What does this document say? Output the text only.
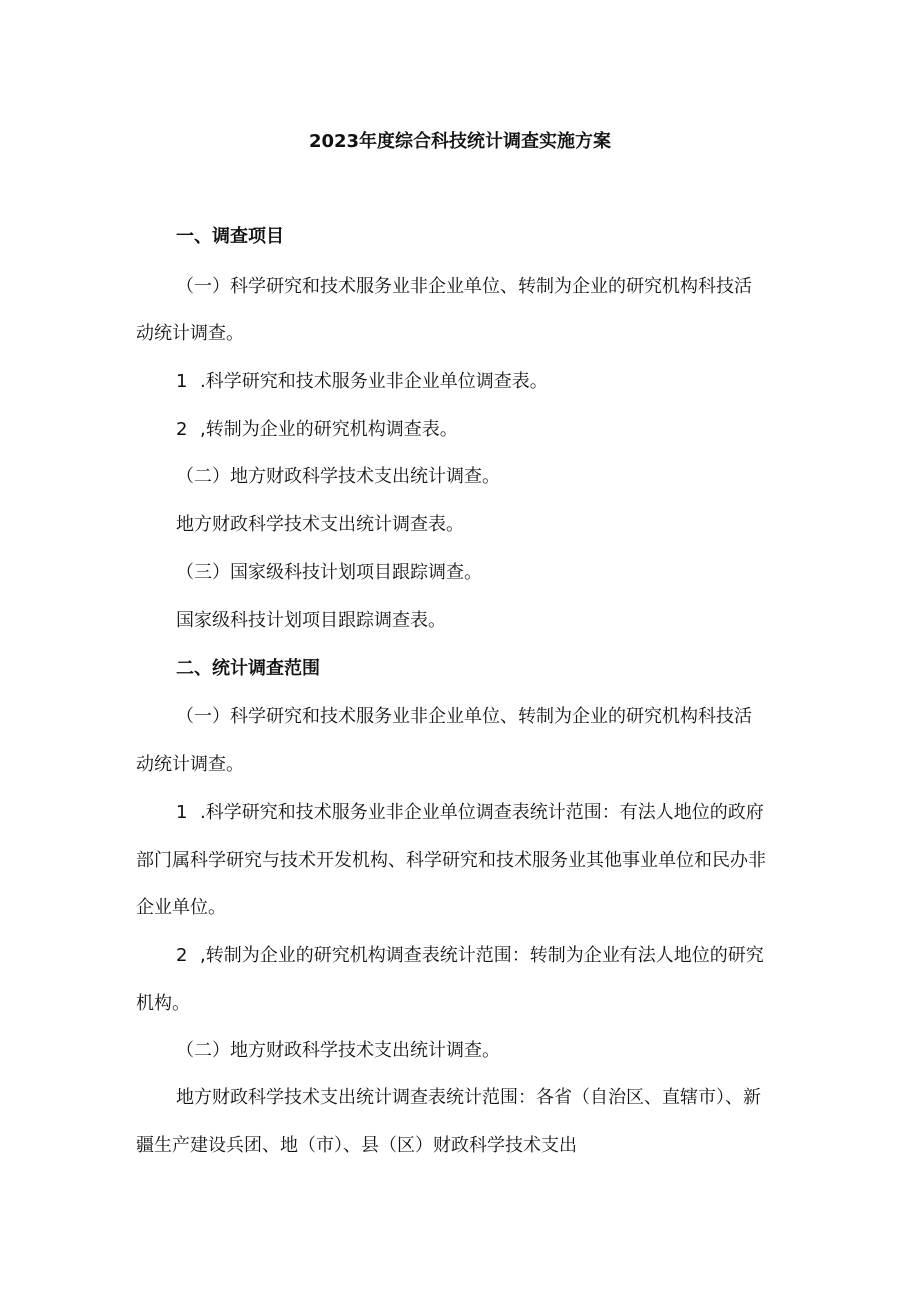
2023年度综合科技统计调查实施方案
一、调查项目
（一）科学研究和技术服务业非企业单位、转制为企业的研究机构科技活
动统计调查。
1 .科学研究和技术服务业非企业单位调查表。
2 ,转制为企业的研究机构调查表。
（二）地方财政科学技术支出统计调查。
地方财政科学技术支出统计调查表。
（三）国家级科技计划项目跟踪调查。
国家级科技计划项目跟踪调查表。
二、统计调查范围
（一）科学研究和技术服务业非企业单位、转制为企业的研究机构科技活
动统计调查。
1 .科学研究和技术服务业非企业单位调查表统计范围：有法人地位的政府
部门属科学研究与技术开发机构、科学研究和技术服务业其他事业单位和民办非
企业单位。
2 ,转制为企业的研究机构调查表统计范围：转制为企业有法人地位的研究
机构。
（二）地方财政科学技术支出统计调查。
地方财政科学技术支出统计调查表统计范围：各省（自治区、直辖市）、新
疆生产建设兵团、地（市）、县（区）财政科学技术支出
